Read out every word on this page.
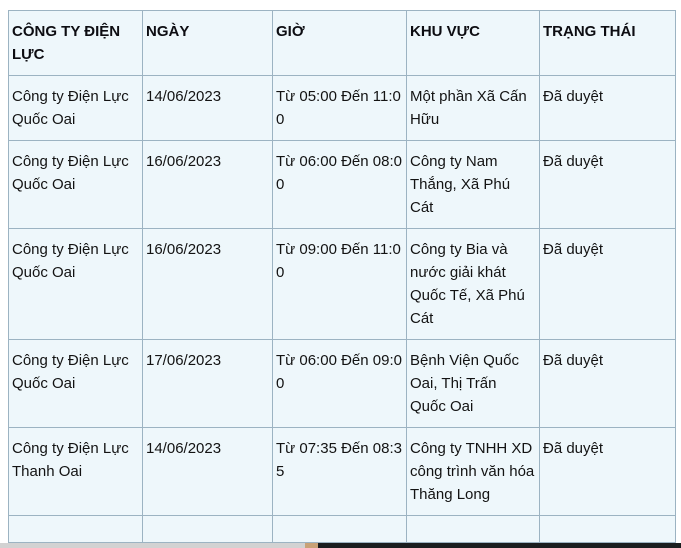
CÔNG TY ĐIỆN LỰC	NGÀY	GIỜ	KHU VỰC	TRẠNG THÁI
Công ty Điện Lực Quốc Oai	14/06/2023	Từ 05:00 Đến 11:00	Một phần Xã Cấn Hữu	Đã duyệt
Công ty Điện Lực Quốc Oai	16/06/2023	Từ 06:00 Đến 08:00	Công ty Nam Thắng, Xã Phú Cát	Đã duyệt
Công ty Điện Lực Quốc Oai	16/06/2023	Từ 09:00 Đến 11:00	Công ty Bia và nước giải khát Quốc Tế, Xã Phú Cát	Đã duyệt
Công ty Điện Lực Quốc Oai	17/06/2023	Từ 06:00 Đến 09:00	Bệnh Viện Quốc Oai, Thị Trấn Quốc Oai	Đã duyệt
Công ty Điện Lực Thanh Oai	14/06/2023	Từ 07:35 Đến 08:35	Công ty TNHH XD công trình văn hóa Thăng Long	Đã duyệt
